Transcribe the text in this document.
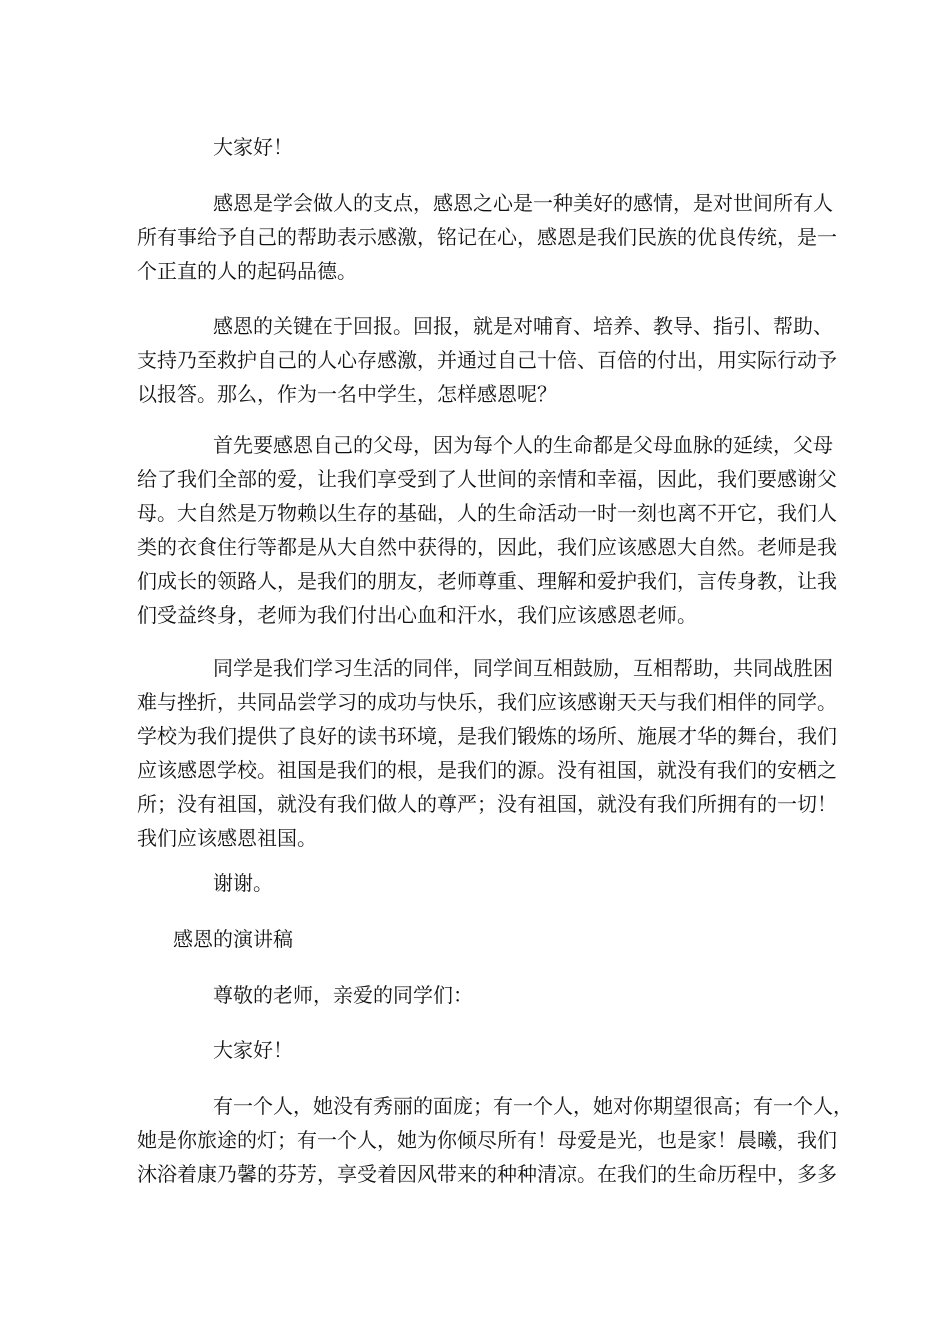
大家好！
感恩是学会做人的支点，感恩之心是一种美好的感情，是对世间所有人
所有事给予自己的帮助表示感激，铭记在心，感恩是我们民族的优良传统，是一
个正直的人的起码品德。
感恩的关键在于回报。回报，就是对哺育、培养、教导、指引、帮助、
支持乃至救护自己的人心存感激，并通过自己十倍、百倍的付出，用实际行动予
以报答。那么，作为一名中学生，怎样感恩呢？
首先要感恩自己的父母，因为每个人的生命都是父母血脉的延续，父母
给了我们全部的爱，让我们享受到了人世间的亲情和幸福，因此，我们要感谢父
母。大自然是万物赖以生存的基础，人的生命活动一时一刻也离不开它，我们人
类的衣食住行等都是从大自然中获得的，因此，我们应该感恩大自然。老师是我
们成长的领路人，是我们的朋友，老师尊重、理解和爱护我们，言传身教，让我
们受益终身，老师为我们付出心血和汗水，我们应该感恩老师。
同学是我们学习生活的同伴，同学间互相鼓励，互相帮助，共同战胜困
难与挫折，共同品尝学习的成功与快乐，我们应该感谢天天与我们相伴的同学。
学校为我们提供了良好的读书环境，是我们锻炼的场所、施展才华的舞台，我们
应该感恩学校。祖国是我们的根，是我们的源。没有祖国，就没有我们的安栖之
所；没有祖国，就没有我们做人的尊严；没有祖国，就没有我们所拥有的一切！
我们应该感恩祖国。
谢谢。
感恩的演讲稿
尊敬的老师，亲爱的同学们：
大家好！
有一个人，她没有秀丽的面庞；有一个人，她对你期望很高；有一个人，
她是你旅途的灯；有一个人，她为你倾尽所有！母爱是光，也是家！晨曦，我们
沐浴着康乃馨的芬芳，享受着因风带来的种种清凉。在我们的生命历程中，多多
